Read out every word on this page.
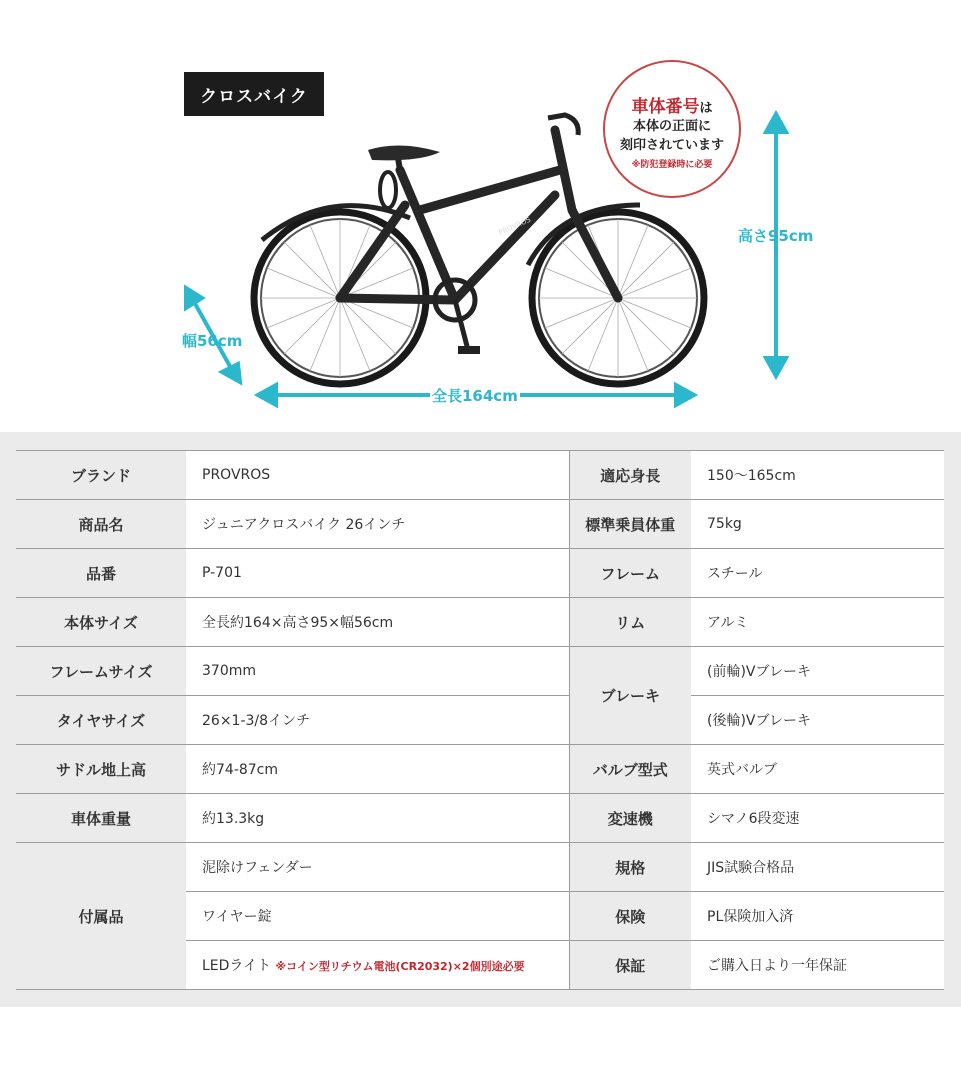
クロスバイク
PROVROS	高さ95cm
幅56cm
全長164cm
車体番号は
本体の正面に
刻印されています
※防犯登録時に必要
ブランド	PROVROS	適応身長	150〜165cm
商品名	ジュニアクロスバイク 26インチ	標準乗員体重	75kg
品番	P-701	フレーム	スチール
本体サイズ	全長約164×高さ95×幅56cm	リム	アルミ
フレームサイズ	370mm	ブレーキ	(前輪)Vブレーキ
タイヤサイズ	26×1-3/8インチ		(後輪)Vブレーキ
サドル地上高	約74-87cm	バルブ型式	英式バルブ
車体重量	約13.3kg	変速機	シマノ6段変速
付属品	泥除けフェンダー	規格	JIS試験合格品
	ワイヤー錠	保険	PL保険加入済
	LEDライト ※コイン型リチウム電池(CR2032)×2個別途必要	保証	ご購入日より一年保証
